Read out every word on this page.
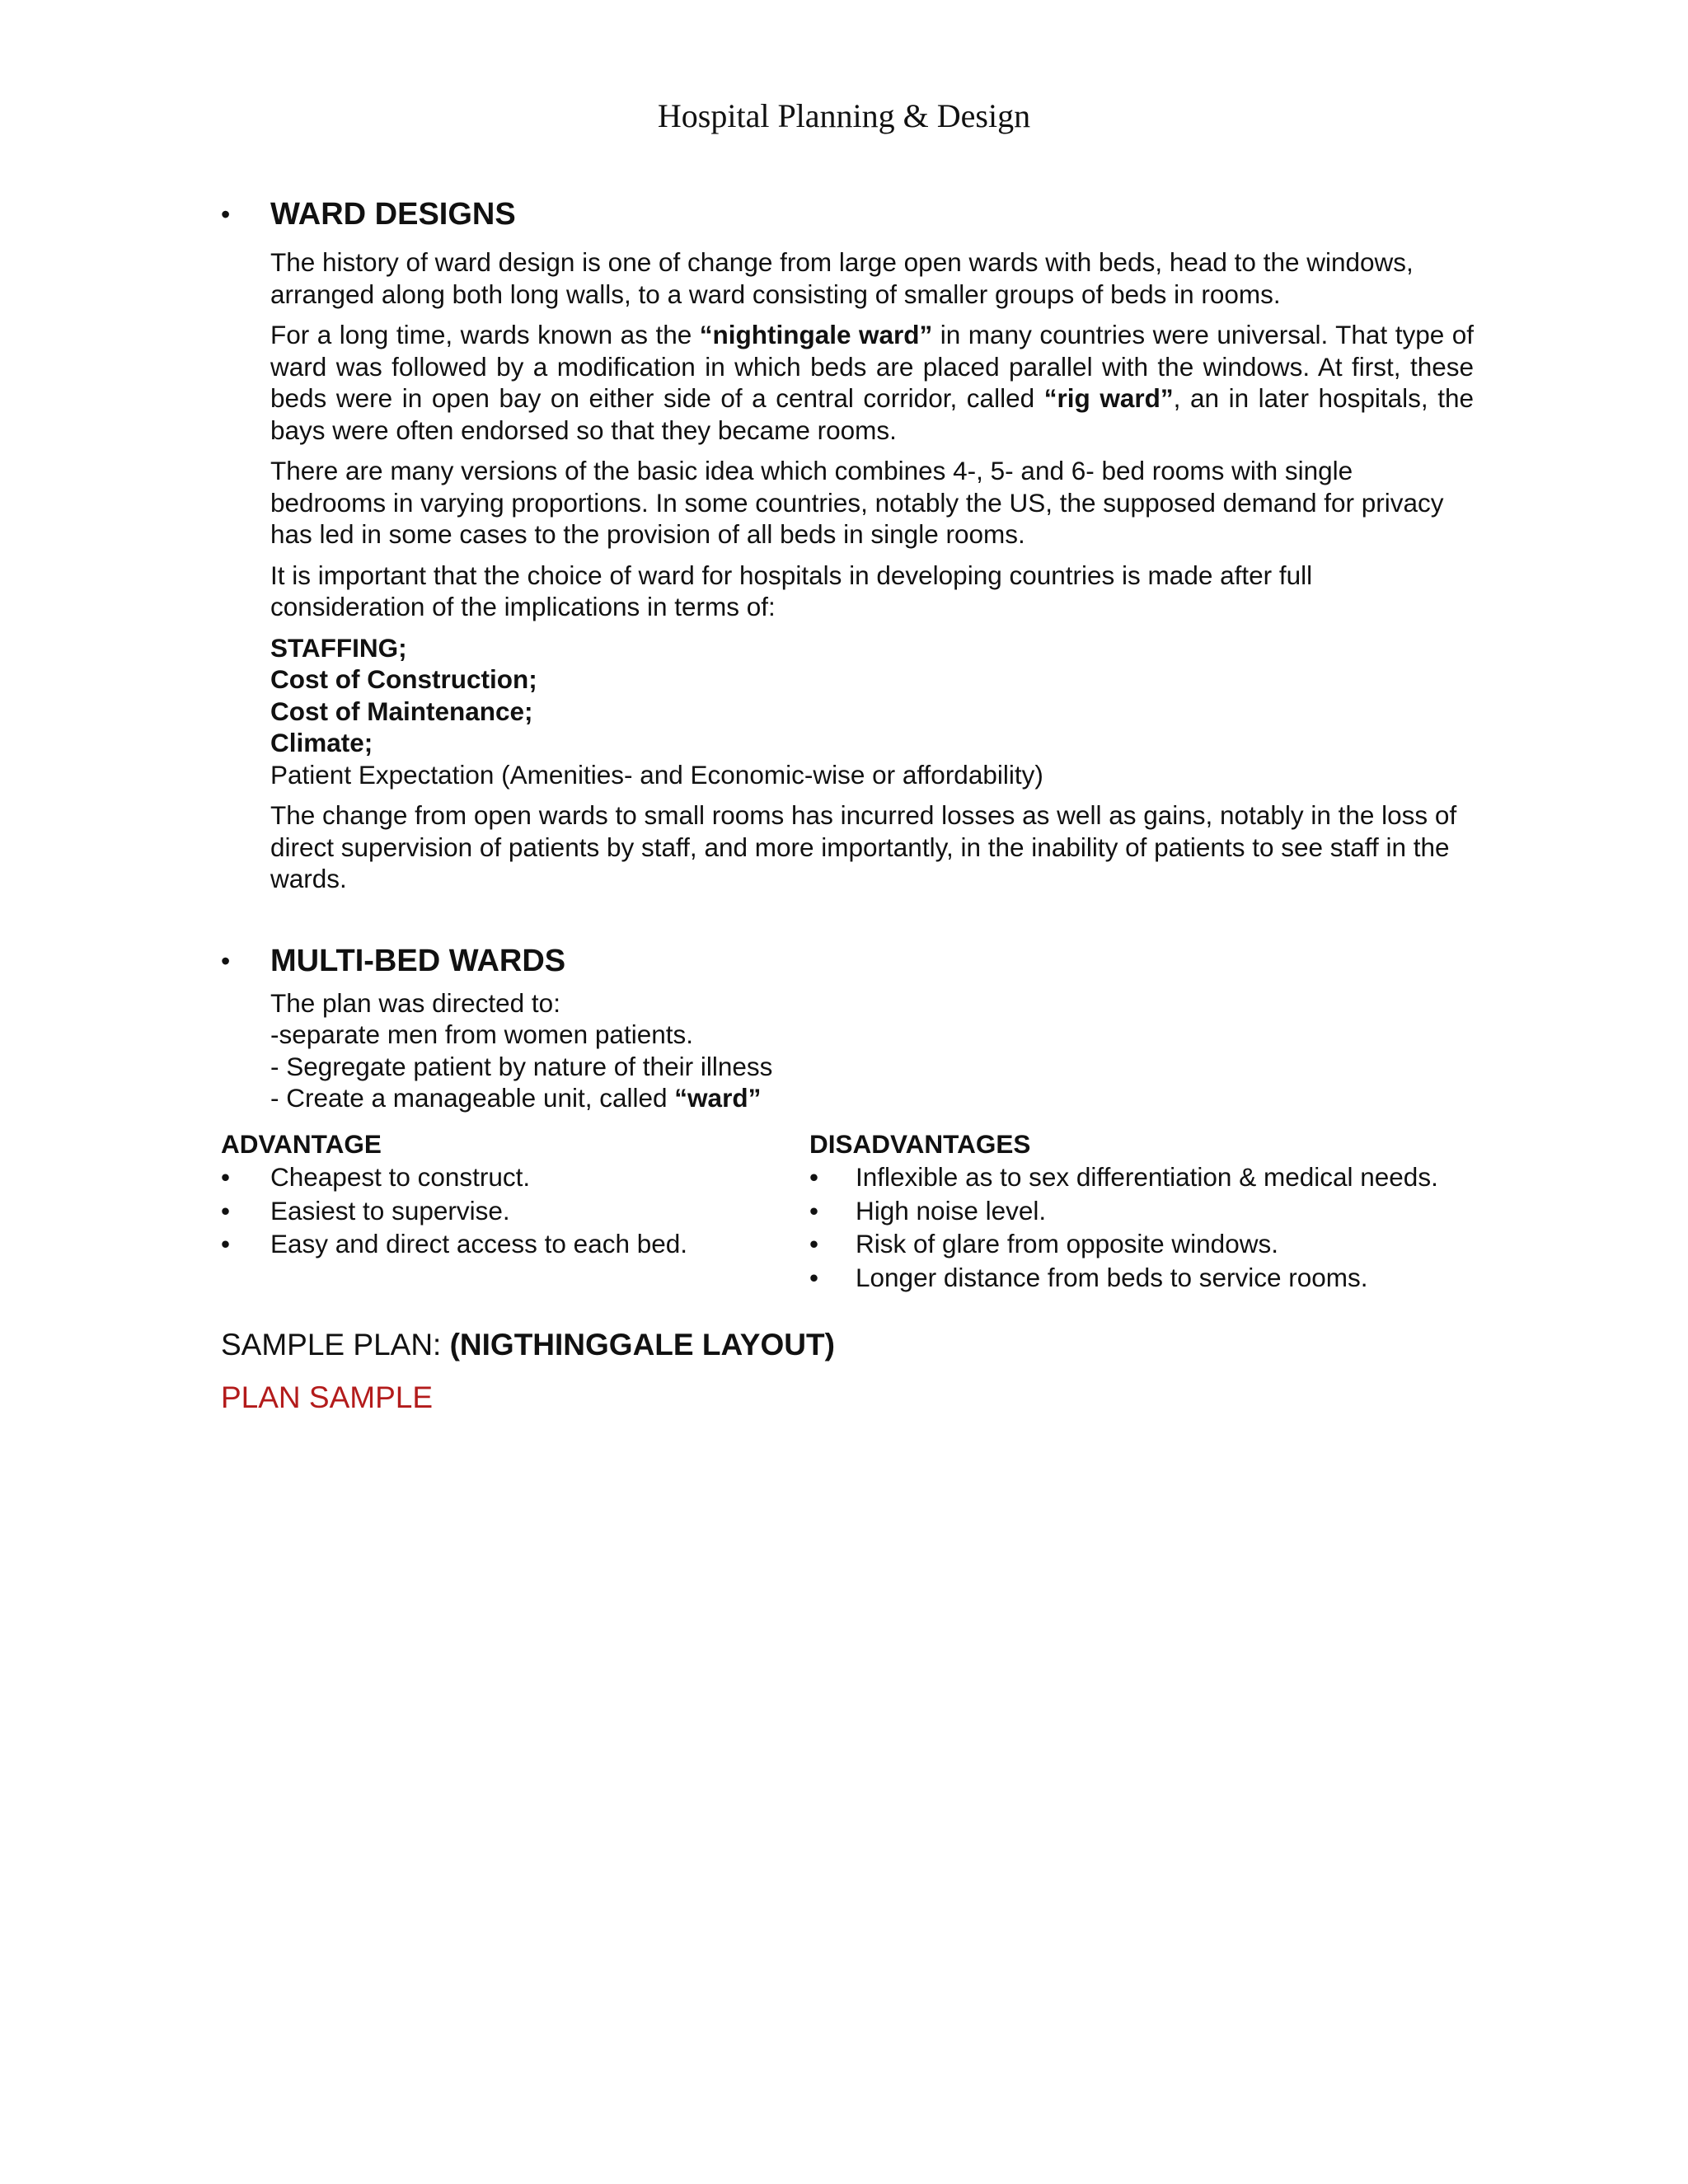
Hospital Planning & Design
• WARD DESIGNS
The history of ward design is one of change from large open wards with beds, head to the windows, arranged along both long walls, to a ward consisting of smaller groups of beds in rooms.
For a long time, wards known as the “nightingale ward” in many countries were universal. That type of ward was followed by a modification in which beds are placed parallel with the windows. At first, these beds were in open bay on either side of a central corridor, called “rig ward”, an in later hospitals, the bays were often endorsed so that they became rooms.
There are many versions of the basic idea which combines 4-, 5- and 6- bed rooms with single bedrooms in varying proportions. In some countries, notably the US, the supposed demand for privacy has led in some cases to the provision of all beds in single rooms.
It is important that the choice of ward for hospitals in developing countries is made after full consideration of the implications in terms of:
STAFFING;
Cost of Construction;
Cost of Maintenance;
Climate;
Patient Expectation (Amenities- and Economic-wise or affordability)
The change from open wards to small rooms has incurred losses as well as gains, notably in the loss of direct supervision of patients by staff, and more importantly, in the inability of patients to see staff in the wards.
• MULTI-BED WARDS
The plan was directed to:
-separate men from women patients.
- Segregate patient by nature of their illness
- Create a manageable unit, called “ward”
ADVANTAGE
• Cheapest to construct.
• Easiest to supervise.
• Easy and direct access to each bed.
DISADVANTAGES
• Inflexible as to sex differentiation & medical needs.
• High noise level.
• Risk of glare from opposite windows.
• Longer distance from beds to service rooms.
SAMPLE PLAN: (NIGTHINGGALE LAYOUT)
PLAN SAMPLE
